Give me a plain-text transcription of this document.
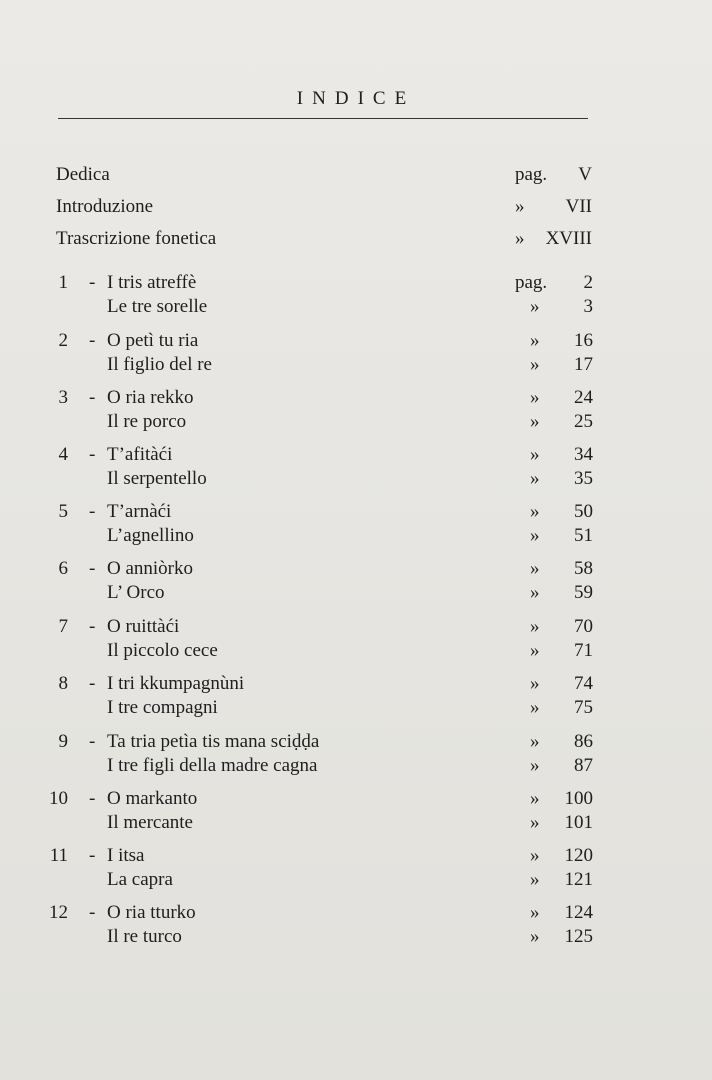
INDICE
Dedica	pag.	V
Introduzione	»	VII
Trascrizione fonetica	»	XVIII
1 - I tris atreffè	pag.	2
Le tre sorelle	»	3
2 - O petì tu ria	»	16
Il figlio del re	»	17
3 - O ria rekko	»	24
Il re porco	»	25
4 - T’afitàći	»	34
Il serpentello	»	35
5 - T’arnàći	»	50
L’agnellino	»	51
6 - O anniòrko	»	58
L’ Orco	»	59
7 - O ruittàći	»	70
Il piccolo cece	»	71
8 - I tri kkumpagnùni	»	74
I tre compagni	»	75
9 - Ta tria petìa tis mana sciḍḍa	»	86
I tre figli della madre cagna	»	87
10 - O markanto	»	100
Il mercante	»	101
11 - I itsa	»	120
La capra	»	121
12 - O ria tturko	»	124
Il re turco	»	125
